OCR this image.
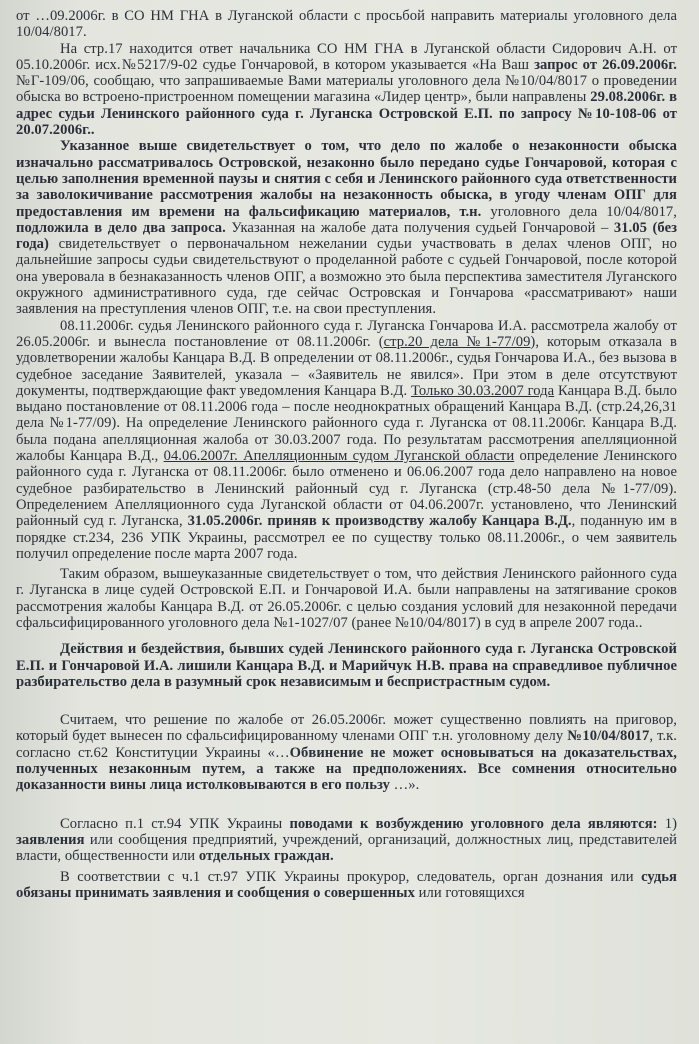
от …09.2006г. в СО НМ ГНА в Луганской области с просьбой направить материалы уголовного дела 10/04/8017.

На стр.17 находится ответ начальника СО НМ ГНА в Луганской области Сидорович А.Н. от 05.10.2006г. исх.№5217/9-02 судье Гончаровой, в котором указывается «На Ваш запрос от 26.09.2006г. №Г-109/06, сообщаю, что запрашиваемые Вами материалы уголовного дела №10/04/8017 о проведении обыска во встроено-пристроенном помещении магазина «Лидер центр», были направлены 29.08.2006г. в адрес судьи Ленинского районного суда г. Луганска Островской Е.П. по запросу №10-108-06 от 20.07.2006г..

Указанное выше свидетельствует о том, что дело по жалобе о незаконности обыска изначально рассматривалось Островской, незаконно было передано судье Гончаровой, которая с целью заполнения временной паузы и снятия с себя и Ленинского районного суда ответственности за заволокичивание рассмотрения жалобы на незаконность обыска, в угоду членам ОПГ для предоставления им времени на фальсификацию материалов, т.н. уголовного дела 10/04/8017, подложила в дело два запроса. Указанная на жалобе дата получения судьей Гончаровой – 31.05 (без года) свидетельствует о первоначальном нежелании судьи участвовать в делах членов ОПГ, но дальнейшие запросы судьи свидетельствуют о проделанной работе с судьей Гончаровой, после которой она уверовала в безнаказанность членов ОПГ, а возможно это была перспектива заместителя Луганского окружного административного суда, где сейчас Островская и Гончарова «рассматривают» наши заявления на преступления членов ОПГ, т.е. на свои преступления.

08.11.2006г. судья Ленинского районного суда г. Луганска Гончарова И.А. рассмотрела жалобу от 26.05.2006г. и вынесла постановление от 08.11.2006г. (стр.20 дела №1-77/09), которым отказала в удовлетворении жалобы Канцара В.Д. В определении от 08.11.2006г., судья Гончарова И.А., без вызова в судебное заседание Заявителей, указала – «Заявитель не явился». При этом в деле отсутствуют документы, подтверждающие факт уведомления Канцара В.Д. Только 30.03.2007 года Канцара В.Д. было выдано постановление от 08.11.2006 года – после неоднократных обращений Канцара В.Д. (стр.24,26,31 дела №1-77/09). На определение Ленинского районного суда г. Луганска от 08.11.2006г. Канцара В.Д. была подана апелляционная жалоба от 30.03.2007 года. По результатам рассмотрения апелляционной жалобы Канцара В.Д., 04.06.2007г. Апелляционным судом Луганской области определение Ленинского районного суда г. Луганска от 08.11.2006г. было отменено и 06.06.2007 года дело направлено на новое судебное разбирательство в Ленинский районный суд г. Луганска (стр.48-50 дела №1-77/09). Определением Апелляционного суда Луганской области от 04.06.2007г. установлено, что Ленинский районный суд г. Луганска, 31.05.2006г. приняв к производству жалобу Канцара В.Д., поданную им в порядке ст.234, 236 УПК Украины, рассмотрел ее по существу только 08.11.2006г., о чем заявитель получил определение после марта 2007 года.

Таким образом, вышеуказанные свидетельствует о том, что действия Ленинского районного суда г. Луганска в лице судей Островской Е.П. и Гончаровой И.А. были направлены на затягивание сроков рассмотрения жалобы Канцара В.Д. от 26.05.2006г. с целью создания условий для незаконной передачи сфальсифицированного уголовного дела №1-1027/07 (ранее №10/04/8017) в суд в апреле 2007 года..

Действия и бездействия, бывших судей Ленинского районного суда г. Луганска Островской Е.П. и Гончаровой И.А. лишили Канцара В.Д. и Марийчук Н.В. права на справедливое публичное разбирательство дела в разумный срок независимым и беспристрастным судом.

Считаем, что решение по жалобе от 26.05.2006г. может существенно повлиять на приговор, который будет вынесен по сфальсифицированному членами ОПГ т.н. уголовному делу №10/04/8017, т.к. согласно ст.62 Конституции Украины «…Обвинение не может основываться на доказательствах, полученных незаконным путем, а также на предположениях. Все сомнения относительно доказанности вины лица истолковываются в его пользу …».

Согласно п.1 ст.94 УПК Украины поводами к возбуждению уголовного дела являются: 1) заявления или сообщения предприятий, учреждений, организаций, должностных лиц, представителей власти, общественности или отдельных граждан.

В соответствии с ч.1 ст.97 УПК Украины прокурор, следователь, орган дознания или судья обязаны принимать заявления и сообщения о совершенных или готовящихся
